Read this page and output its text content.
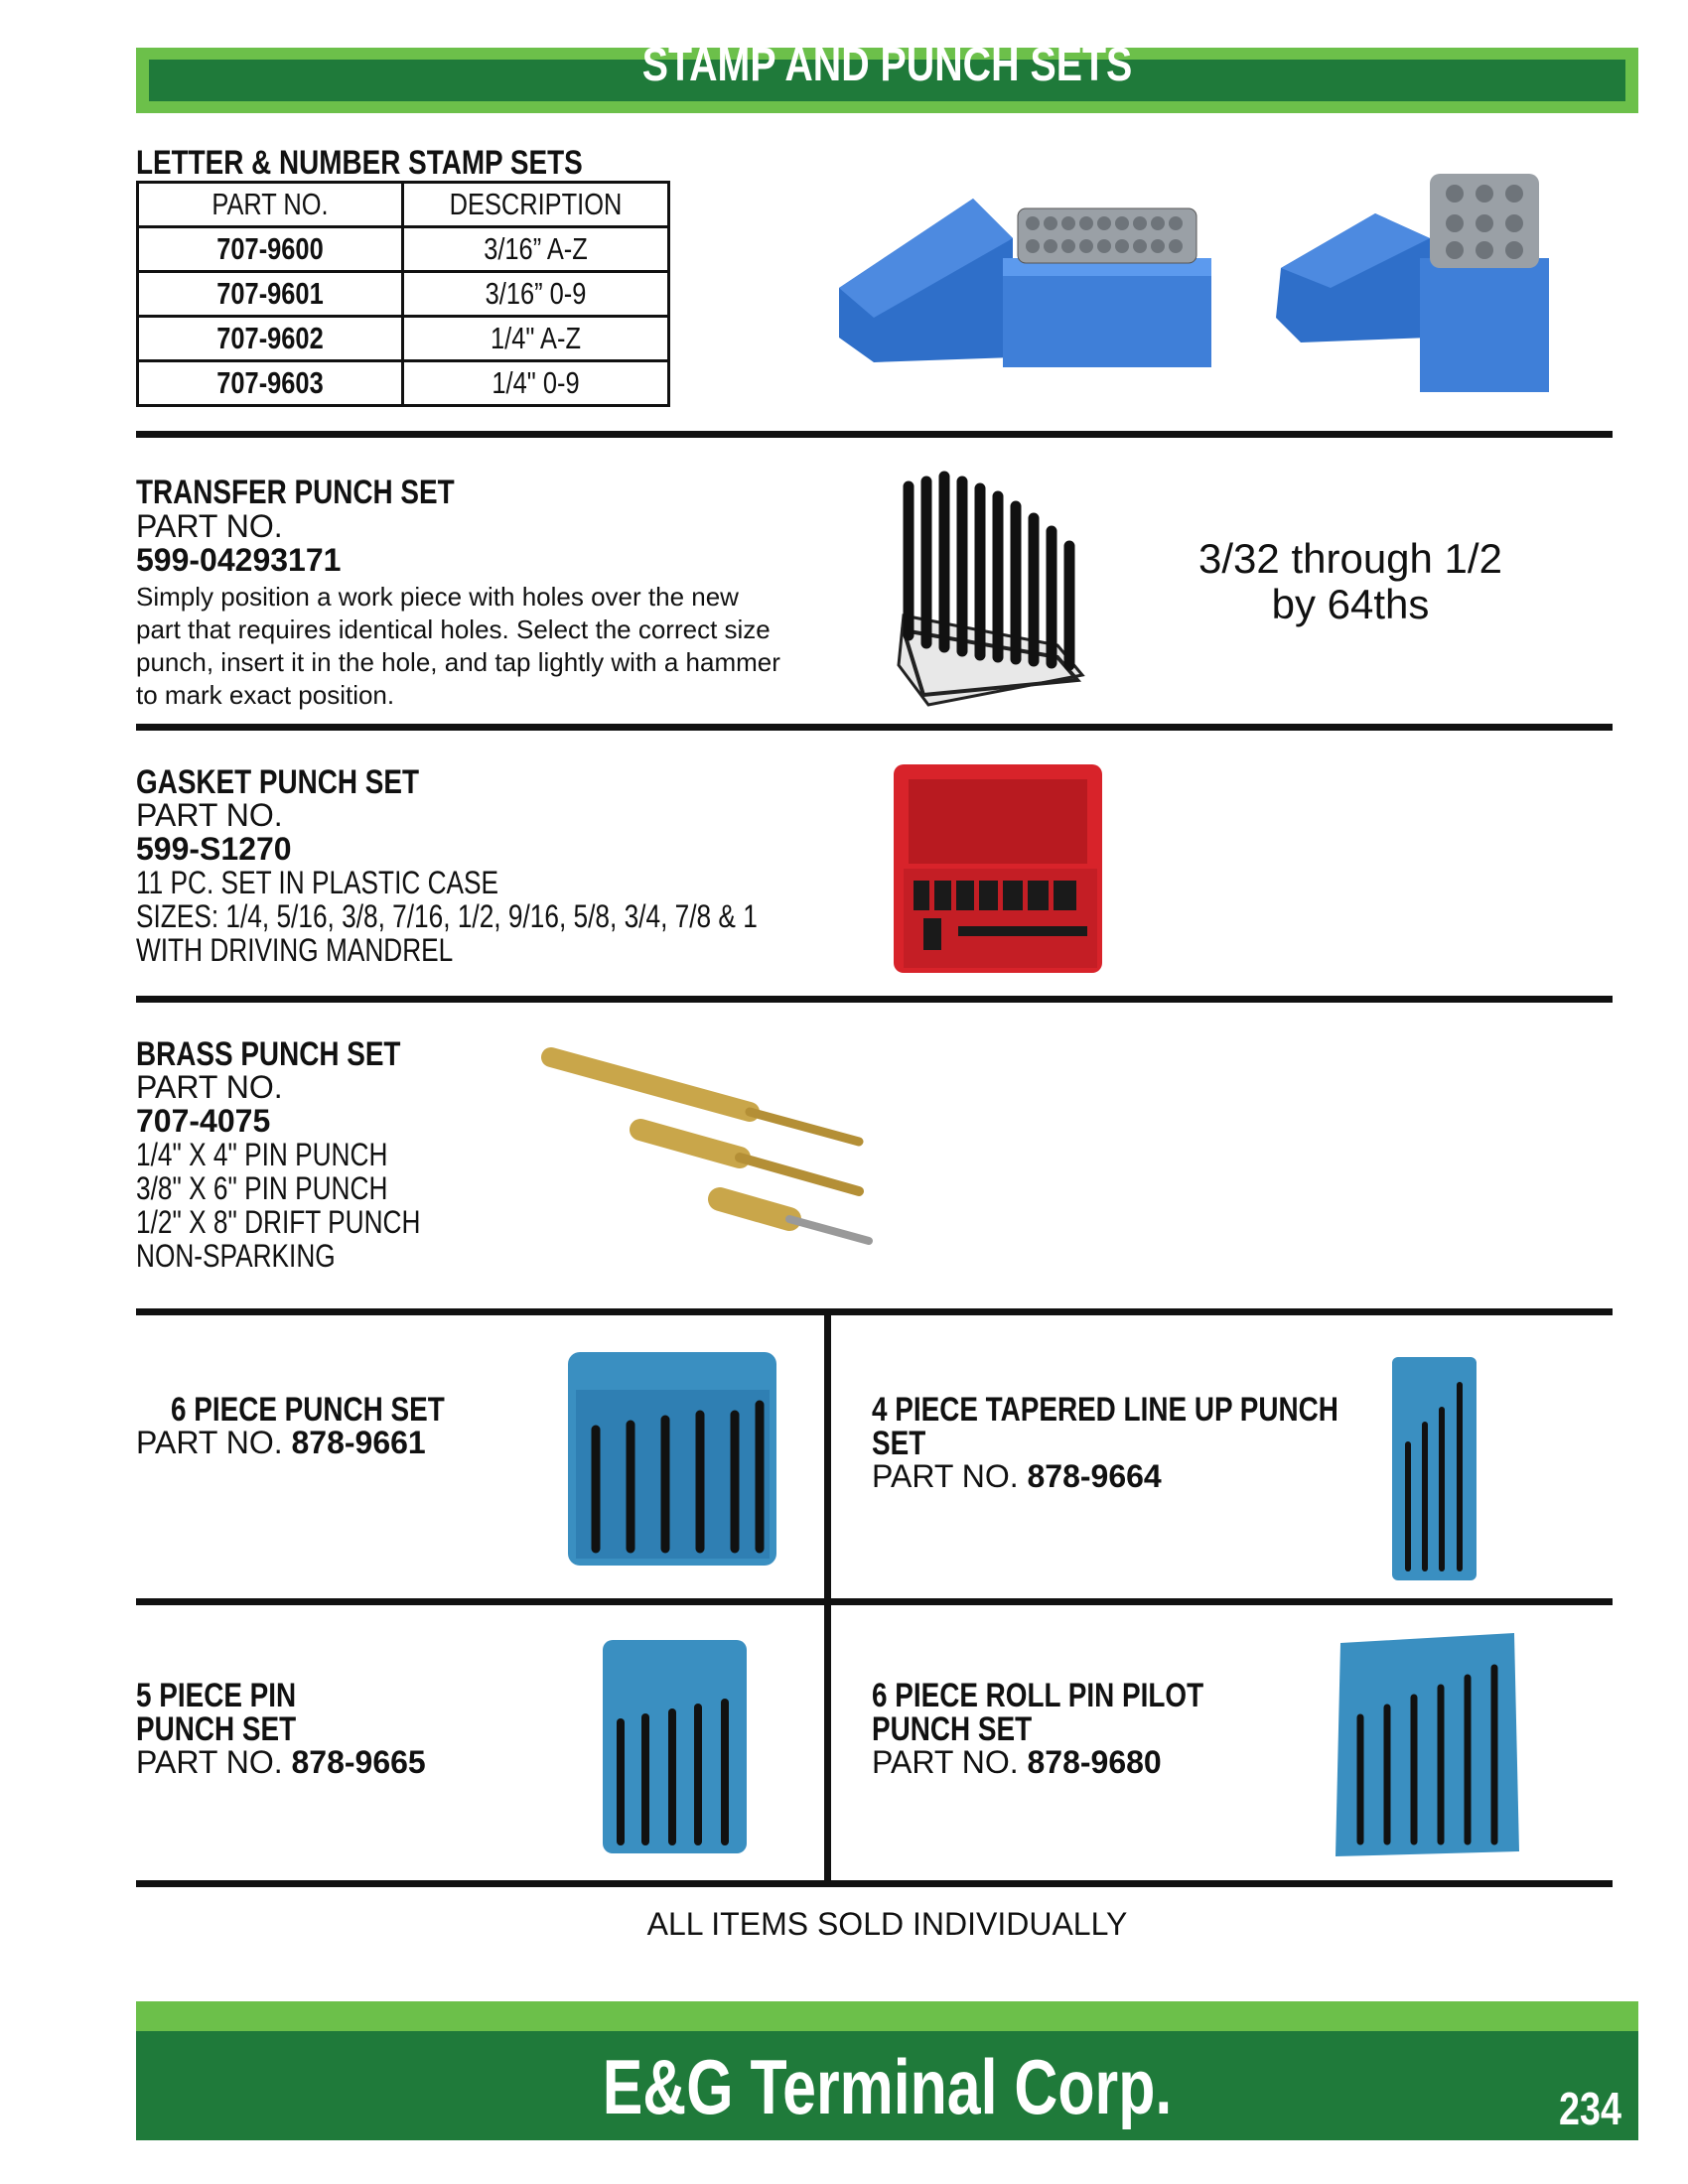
STAMP AND PUNCH SETS
LETTER & NUMBER STAMP SETS
PART NO.	DESCRIPTION

707-9600	3/16” A-Z

707-9601	3/16” 0-9

707-9602	1/4" A-Z

707-9603	1/4" 0-9
TRANSFER PUNCH SET
PART NO.
599-04293171
Simply position a work piece with holes over the new
part that requires identical holes. Select the correct size
punch, insert it in the hole, and tap lightly with a hammer
to mark exact position.
3/32 through 1/2
by 64ths
GASKET PUNCH SET
PART NO.
599-S1270
11 PC. SET IN PLASTIC CASE
SIZES: 1/4, 5/16, 3/8, 7/16, 1/2, 9/16, 5/8, 3/4, 7/8 & 1
WITH DRIVING MANDREL
BRASS PUNCH SET
PART NO.
707-4075
1/4" X 4" PIN PUNCH
3/8" X 6" PIN PUNCH
1/2" X 8" DRIFT PUNCH
NON-SPARKING
6 PIECE PUNCH SET
PART NO. 878-9661
4 PIECE TAPERED LINE UP PUNCH
SET
PART NO. 878-9664
5 PIECE PIN
PUNCH SET
PART NO. 878-9665
6 PIECE ROLL PIN PILOT
PUNCH SET
PART NO. 878-9680
ALL ITEMS SOLD INDIVIDUALLY
E&G Terminal Corp.	234
